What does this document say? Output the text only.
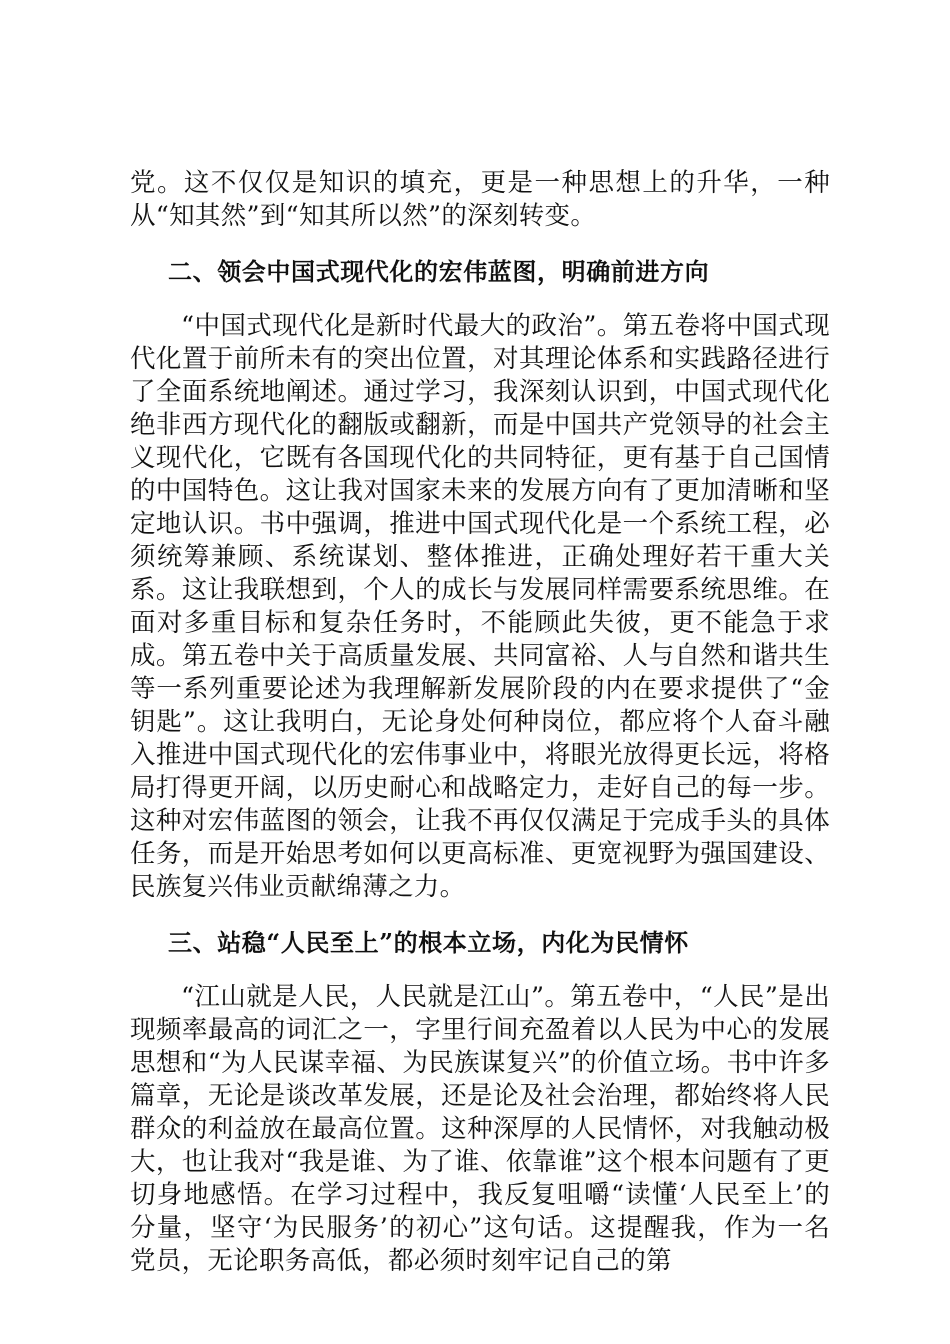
党。这不仅仅是知识的填充，更是一种思想上的升华，一种从“知其然”到“知其所以然”的深刻转变。

二、领会中国式现代化的宏伟蓝图，明确前进方向

“中国式现代化是新时代最大的政治”。第五卷将中国式现代化置于前所未有的突出位置，对其理论体系和实践路径进行了全面系统地阐述。通过学习，我深刻认识到，中国式现代化绝非西方现代化的翻版或翻新，而是中国共产党领导的社会主义现代化，它既有各国现代化的共同特征，更有基于自己国情的中国特色。这让我对国家未来的发展方向有了更加清晰和坚定地认识。书中强调，推进中国式现代化是一个系统工程，必须统筹兼顾、系统谋划、整体推进，正确处理好若干重大关系。这让我联想到，个人的成长与发展同样需要系统思维。在面对多重目标和复杂任务时，不能顾此失彼，更不能急于求成。第五卷中关于高质量发展、共同富裕、人与自然和谐共生等一系列重要论述为我理解新发展阶段的内在要求提供了“金钥匙”。这让我明白，无论身处何种岗位，都应将个人奋斗融入推进中国式现代化的宏伟事业中，将眼光放得更长远，将格局打得更开阔，以历史耐心和战略定力，走好自己的每一步。这种对宏伟蓝图的领会，让我不再仅仅满足于完成手头的具体任务，而是开始思考如何以更高标准、更宽视野为强国建设、民族复兴伟业贡献绵薄之力。

三、站稳“人民至上”的根本立场，内化为民情怀

“江山就是人民，人民就是江山”。第五卷中，“人民”是出现频率最高的词汇之一，字里行间充盈着以人民为中心的发展思想和“为人民谋幸福、为民族谋复兴”的价值立场。书中许多篇章，无论是谈改革发展，还是论及社会治理，都始终将人民群众的利益放在最高位置。这种深厚的人民情怀，对我触动极大，也让我对“我是谁、为了谁、依靠谁”这个根本问题有了更切身地感悟。在学习过程中，我反复咀嚼“读懂‘人民至上’的分量，坚守‘为民服务’的初心”这句话。这提醒我，作为一名党员，无论职务高低，都必须时刻牢记自己的第
